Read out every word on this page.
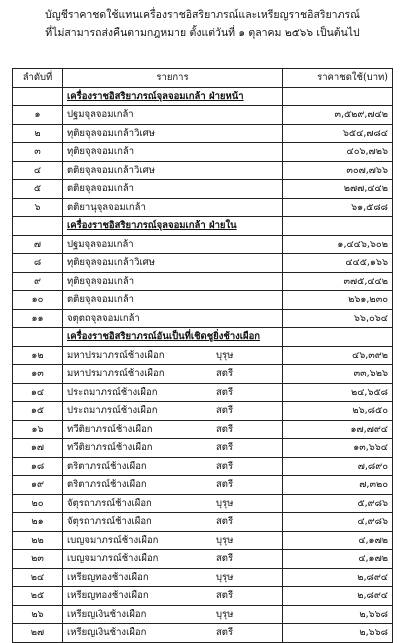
บัญชีราคาชดใช้แทนเครื่องราชอิสริยาภรณ์และเหรียญราชอิสริยาภรณ์
ที่ไม่สามารถส่งคืนตามกฎหมาย ตั้งแต่วันที่ ๑ ตุลาคม ๒๕๖๖ เป็นต้นไป
ลำดับที่	รายการ	ราคาชดใช้(บาท)
	เครื่องราชอิสริยาภรณ์จุลจอมเกล้า ฝ่ายหน้า	
๑	ปฐมจุลจอมเกล้า	๓,๕๒๙,๗๔๒
๒	ทุติยจุลจอมเกล้าวิเศษ	๖๕๔,๗๘๔
๓	ทุติยจุลจอมเกล้า	๔๐๖,๗๒๖
๔	ตติยจุลจอมเกล้าวิเศษ	๓๐๗,๗๖๖
๕	ตติยจุลจอมเกล้า	๒๗๗,๔๔๒
๖	ตติยานุจุลจอมเกล้า	๖๑,๕๘๘
	เครื่องราชอิสริยาภรณ์จุลจอมเกล้า ฝ่ายใน	
๗	ปฐมจุลจอมเกล้า	๑,๔๔๖,๖๐๒
๘	ทุติยจุลจอมเกล้าวิเศษ	๔๔๕,๑๖๖
๙	ทุติยจุลจอมเกล้า	๓๗๕,๔๔๒
๑๐	ตติยจุลจอมเกล้า	๒๖๑,๒๓๐
๑๑	จตุตถจุลจอมเกล้า	๖๖,๐๖๔
	เครื่องราชอิสริยาภรณ์อันเป็นที่เชิดชูยิ่งช้างเผือก	
๑๒	มหาปรมาภรณ์ช้างเผือก บุรุษ	๔๖,๓๙๒
๑๓	มหาปรมาภรณ์ช้างเผือก สตรี	๓๓,๖๒๖
๑๔	ประถมาภรณ์ช้างเผือก สตรี	๒๔,๖๕๘
๑๕	ประถมาภรณ์ช้างเผือก สตรี	๒๖,๘๕๐
๑๖	ทวีติยาภรณ์ช้างเผือก สตรี	๑๗,๗๙๔
๑๗	ทวีติยาภรณ์ช้างเผือก สตรี	๑๓,๖๖๔
๑๘	ตริตาภรณ์ช้างเผือก สตรี	๗,๘๙๐
๑๙	ตริตาภรณ์ช้างเผือก สตรี	๗,๓๒๐
๒๐	จัตุรถาภรณ์ช้างเผือก บุรุษ	๕,๙๘๖
๒๑	จัตุรถาภรณ์ช้างเผือก สตรี	๔,๙๘๖
๒๒	เบญจมาภรณ์ช้างเผือก บุรุษ	๔,๑๗๒
๒๓	เบญจมาภรณ์ช้างเผือก สตรี	๔,๑๗๒
๒๔	เหรียญทองช้างเผือก บุรุษ	๒,๘๙๔
๒๕	เหรียญทองช้างเผือก สตรี	๒,๘๙๔
๒๖	เหรียญเงินช้างเผือก บุรุษ	๒,๖๖๘
๒๗	เหรียญเงินช้างเผือก สตรี	๒,๖๖๘
